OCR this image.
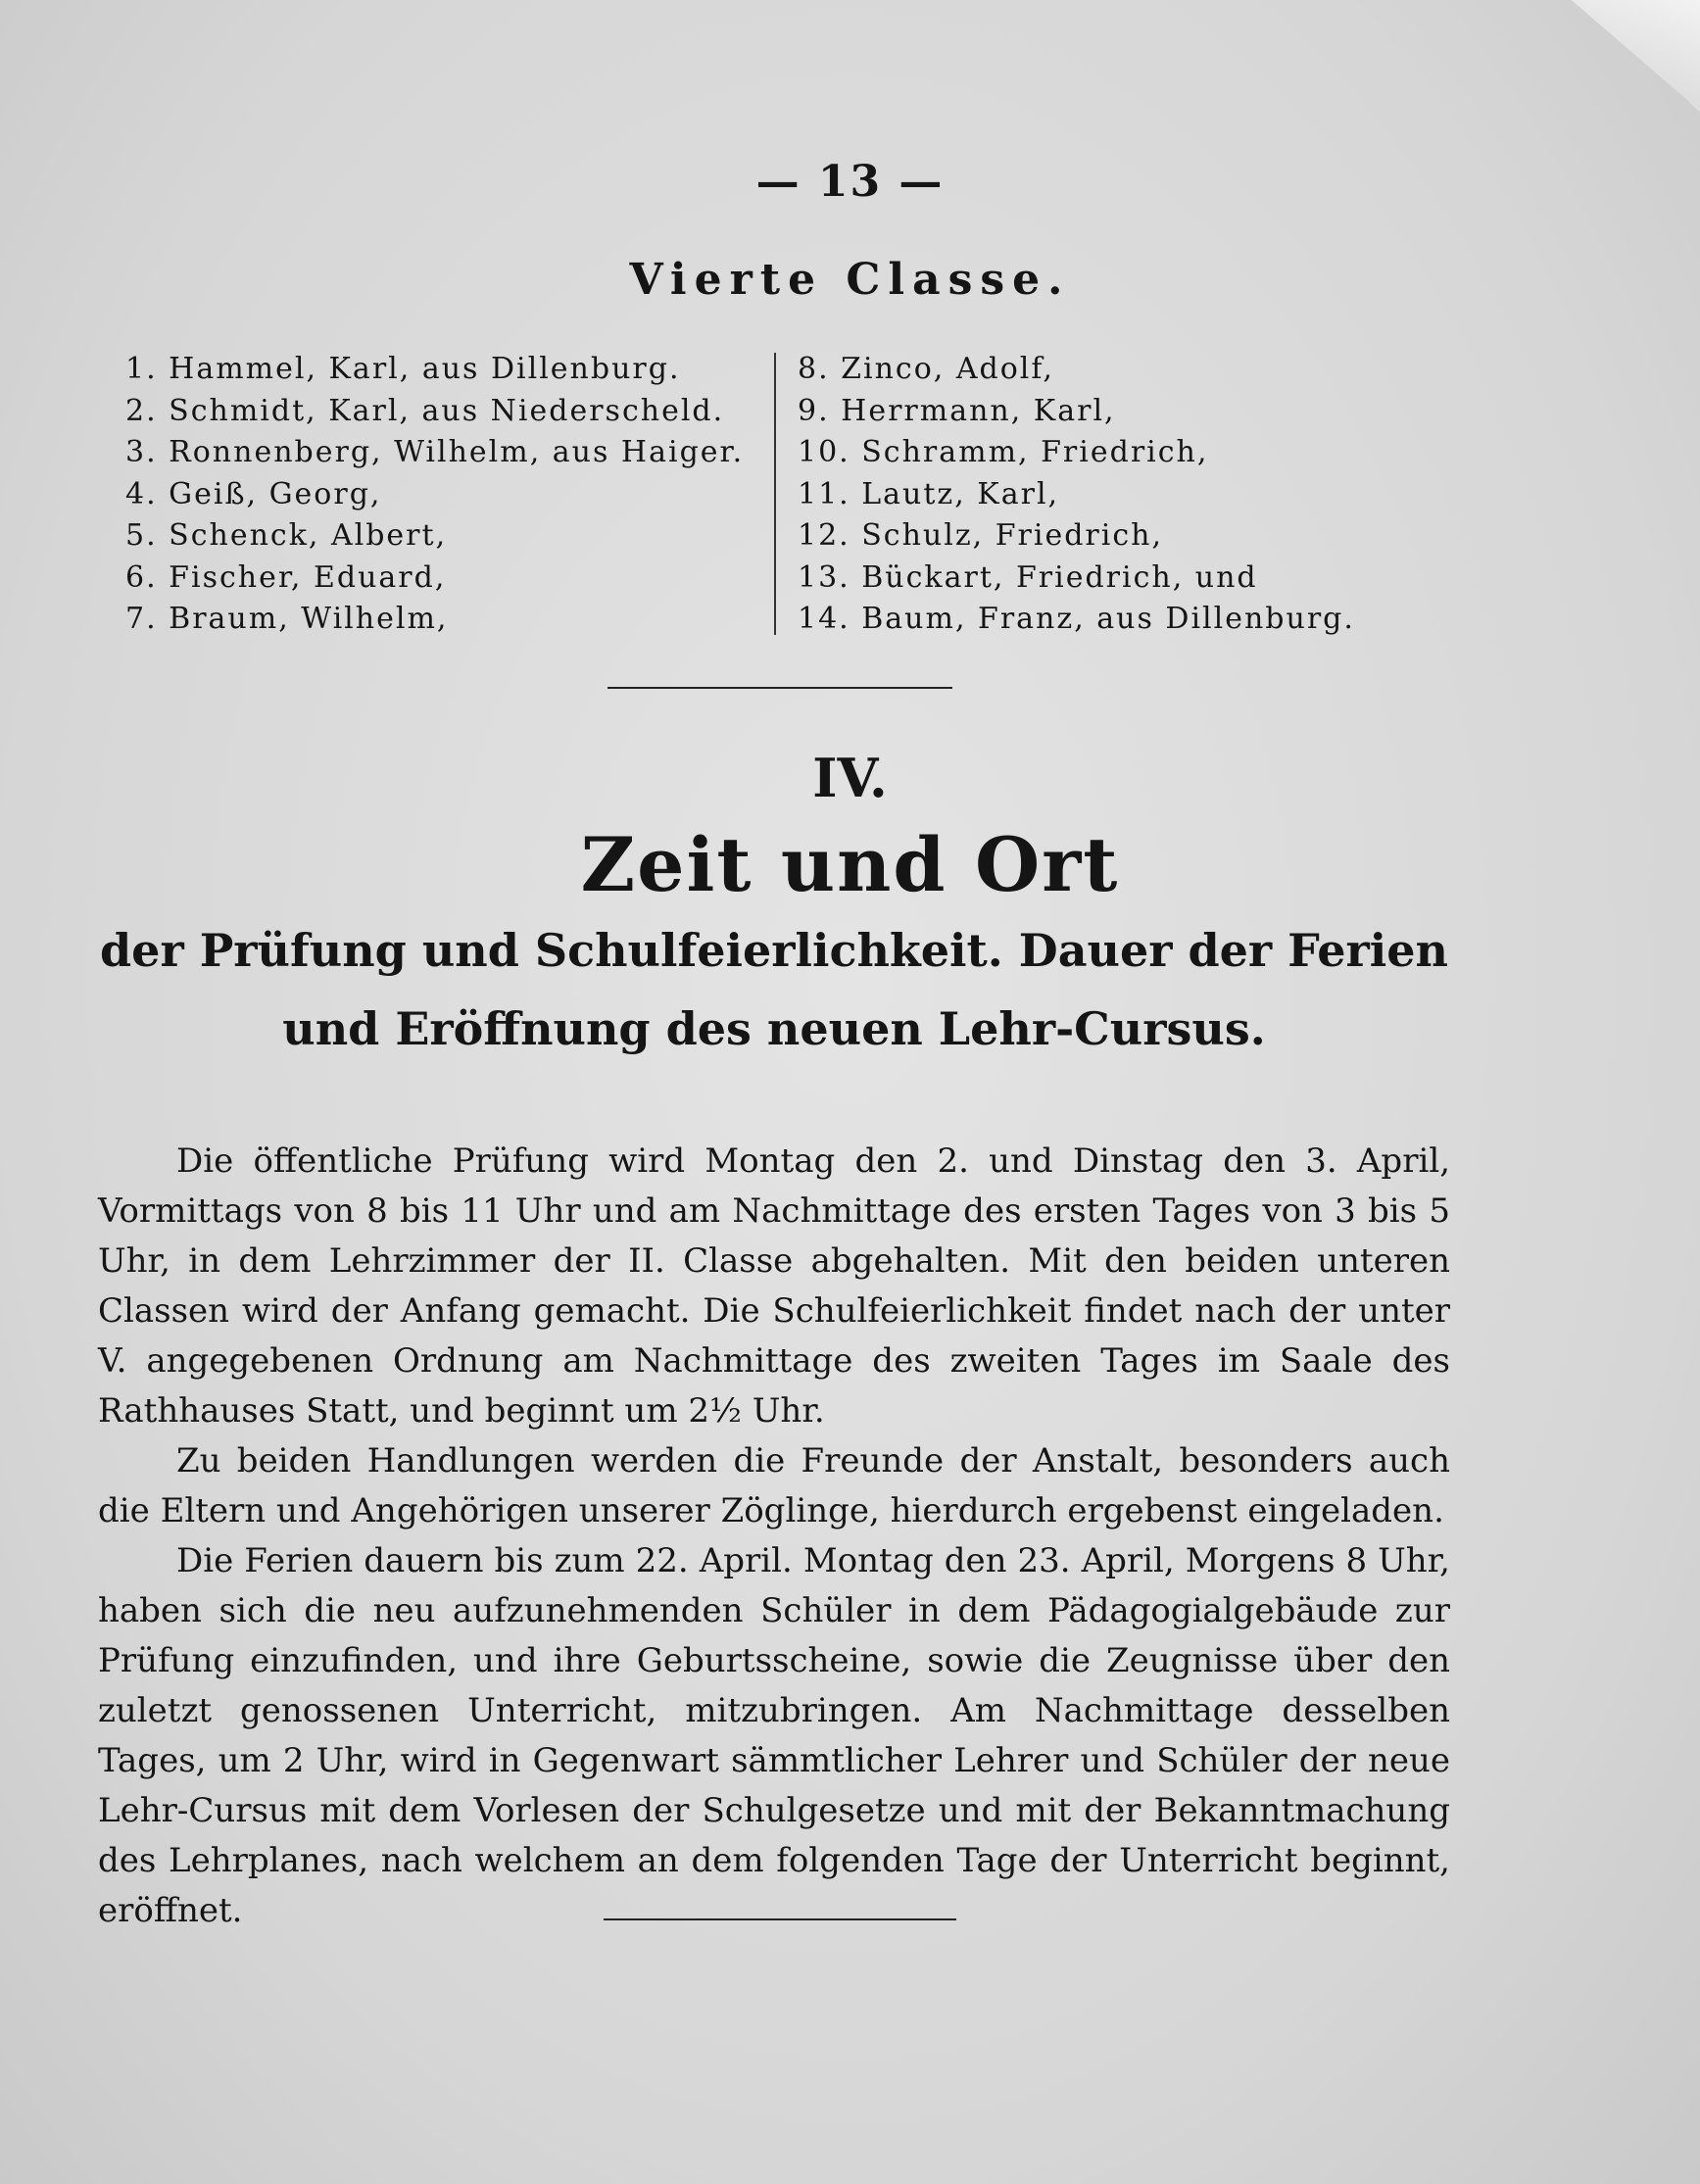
— 13 —
Vierte Classe.
1. Hammel, Karl, aus Dillenburg.
2. Schmidt, Karl, aus Niederscheld.
3. Ronnenberg, Wilhelm, aus Haiger.
4. Geiß, Georg,
5. Schenck, Albert,
6. Fischer, Eduard,
7. Braum, Wilhelm,
8. Zinco, Adolf,
9. Herrmann, Karl,
10. Schramm, Friedrich,
11. Lautz, Karl,
12. Schulz, Friedrich,
13. Bückart, Friedrich, und
14. Baum, Franz, aus Dillenburg.
IV.
Zeit und Ort
der Prüfung und Schulfeierlichkeit. Dauer der Ferien
und Eröffnung des neuen Lehr-Cursus.

Die öffentliche Prüfung wird Montag den 2. und Dinstag den 3. April, Vormittags von 8 bis 11 Uhr und am Nachmittage des ersten Tages von 3 bis 5 Uhr, in dem Lehrzimmer der II. Classe abgehalten. Mit den beiden unteren Classen wird der Anfang gemacht. Die Schulfeierlichkeit findet nach der unter V. angegebenen Ordnung am Nachmittage des zweiten Tages im Saale des Rathhauses Statt, und beginnt um 2½ Uhr.

Zu beiden Handlungen werden die Freunde der Anstalt, besonders auch die Eltern und Angehörigen unserer Zöglinge, hierdurch ergebenst eingeladen.

Die Ferien dauern bis zum 22. April. Montag den 23. April, Morgens 8 Uhr, haben sich die neu aufzunehmenden Schüler in dem Pädagogialgebäude zur Prüfung einzufinden, und ihre Geburtsscheine, sowie die Zeugnisse über den zuletzt genossenen Unterricht, mitzubringen. Am Nachmittage desselben Tages, um 2 Uhr, wird in Gegenwart sämmtlicher Lehrer und Schüler der neue Lehr-Cursus mit dem Vorlesen der Schulgesetze und mit der Bekanntmachung des Lehrplanes, nach welchem an dem folgenden Tage der Unterricht beginnt, eröffnet.
